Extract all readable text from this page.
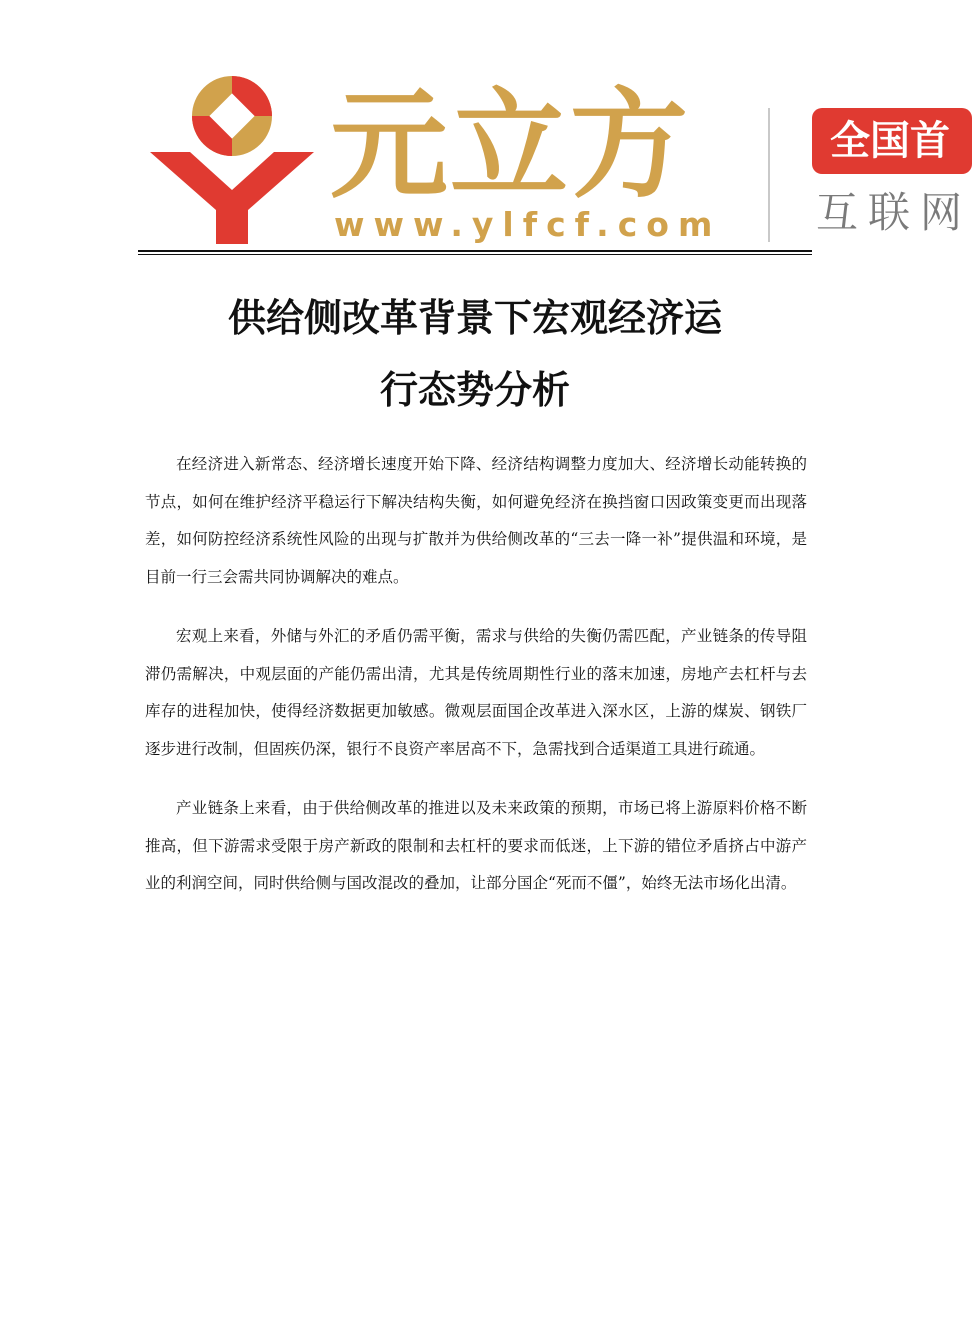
元立方
www.ylfcf.com
全国首
互联网
供给侧改革背景下宏观经济运
行态势分析

在经济进入新常态、经济增长速度开始下降、经济结构调整力度加大、经济增长动能转换的节点，如何在维护经济平稳运行下解决结构失衡，如何避免经济在换挡窗口因政策变更而出现落差，如何防控经济系统性风险的出现与扩散并为供给侧改革的“三去一降一补”提供温和环境，是目前一行三会需共同协调解决的难点。

宏观上来看，外储与外汇的矛盾仍需平衡，需求与供给的失衡仍需匹配，产业链条的传导阻滞仍需解决，中观层面的产能仍需出清，尤其是传统周期性行业的落末加速，房地产去杠杆与去库存的进程加快，使得经济数据更加敏感。微观层面国企改革进入深水区，上游的煤炭、钢铁厂逐步进行改制，但固疾仍深，银行不良资产率居高不下，急需找到合适渠道工具进行疏通。

产业链条上来看，由于供给侧改革的推进以及未来政策的预期，市场已将上游原料价格不断推高，但下游需求受限于房产新政的限制和去杠杆的要求而低迷，上下游的错位矛盾挤占中游产业的利润空间，同时供给侧与国改混改的叠加，让部分国企“死而不僵”，始终无法市场化出清。
